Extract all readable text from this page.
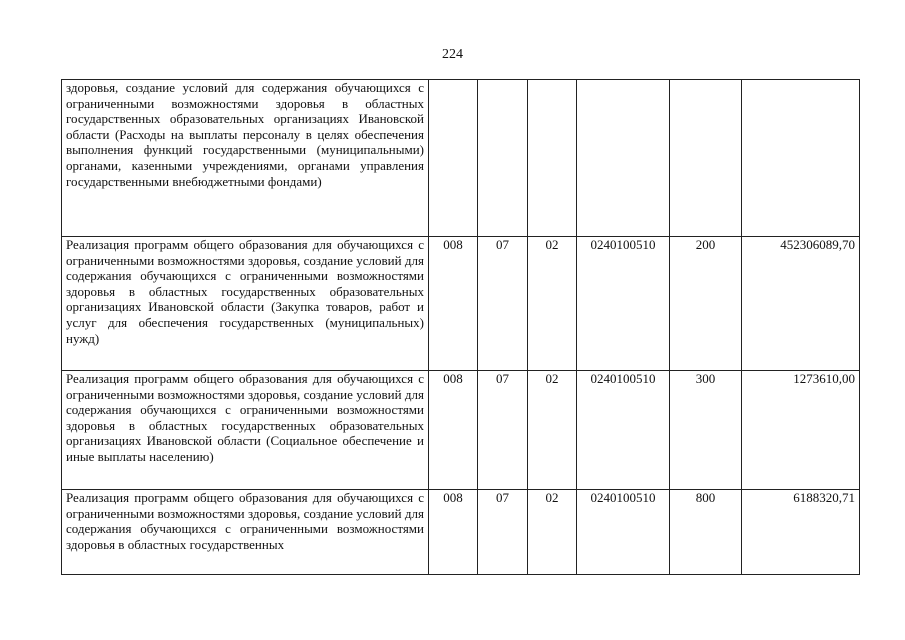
224
здоровья, создание условий для содержания обучающихся с ограниченными возможностями здоровья в областных государственных образовательных организациях Ивановской области (Расходы на выплаты персоналу в целях обеспечения выполнения функций государственными (муниципальными) органами, казенными учреждениями, органами управления государственными внебюджетными фондами)						
Реализация программ общего образования для обучающихся с ограниченными возможностями здоровья, создание условий для содержания обучающихся с ограниченными возможностями здоровья в областных государственных образовательных организациях Ивановской области (Закупка товаров, работ и услуг для обеспечения государственных (муниципальных) нужд)	008	07	02	0240100510	200	452306089,70
Реализация программ общего образования для обучающихся с ограниченными возможностями здоровья, создание условий для содержания обучающихся с ограниченными возможностями здоровья в областных государственных образовательных организациях Ивановской области (Социальное обеспечение и иные выплаты населению)	008	07	02	0240100510	300	1273610,00
Реализация программ общего образования для обучающихся с ограниченными возможностями здоровья, создание условий для содержания обучающихся с ограниченными возможностями здоровья в областных государственных	008	07	02	0240100510	800	6188320,71
